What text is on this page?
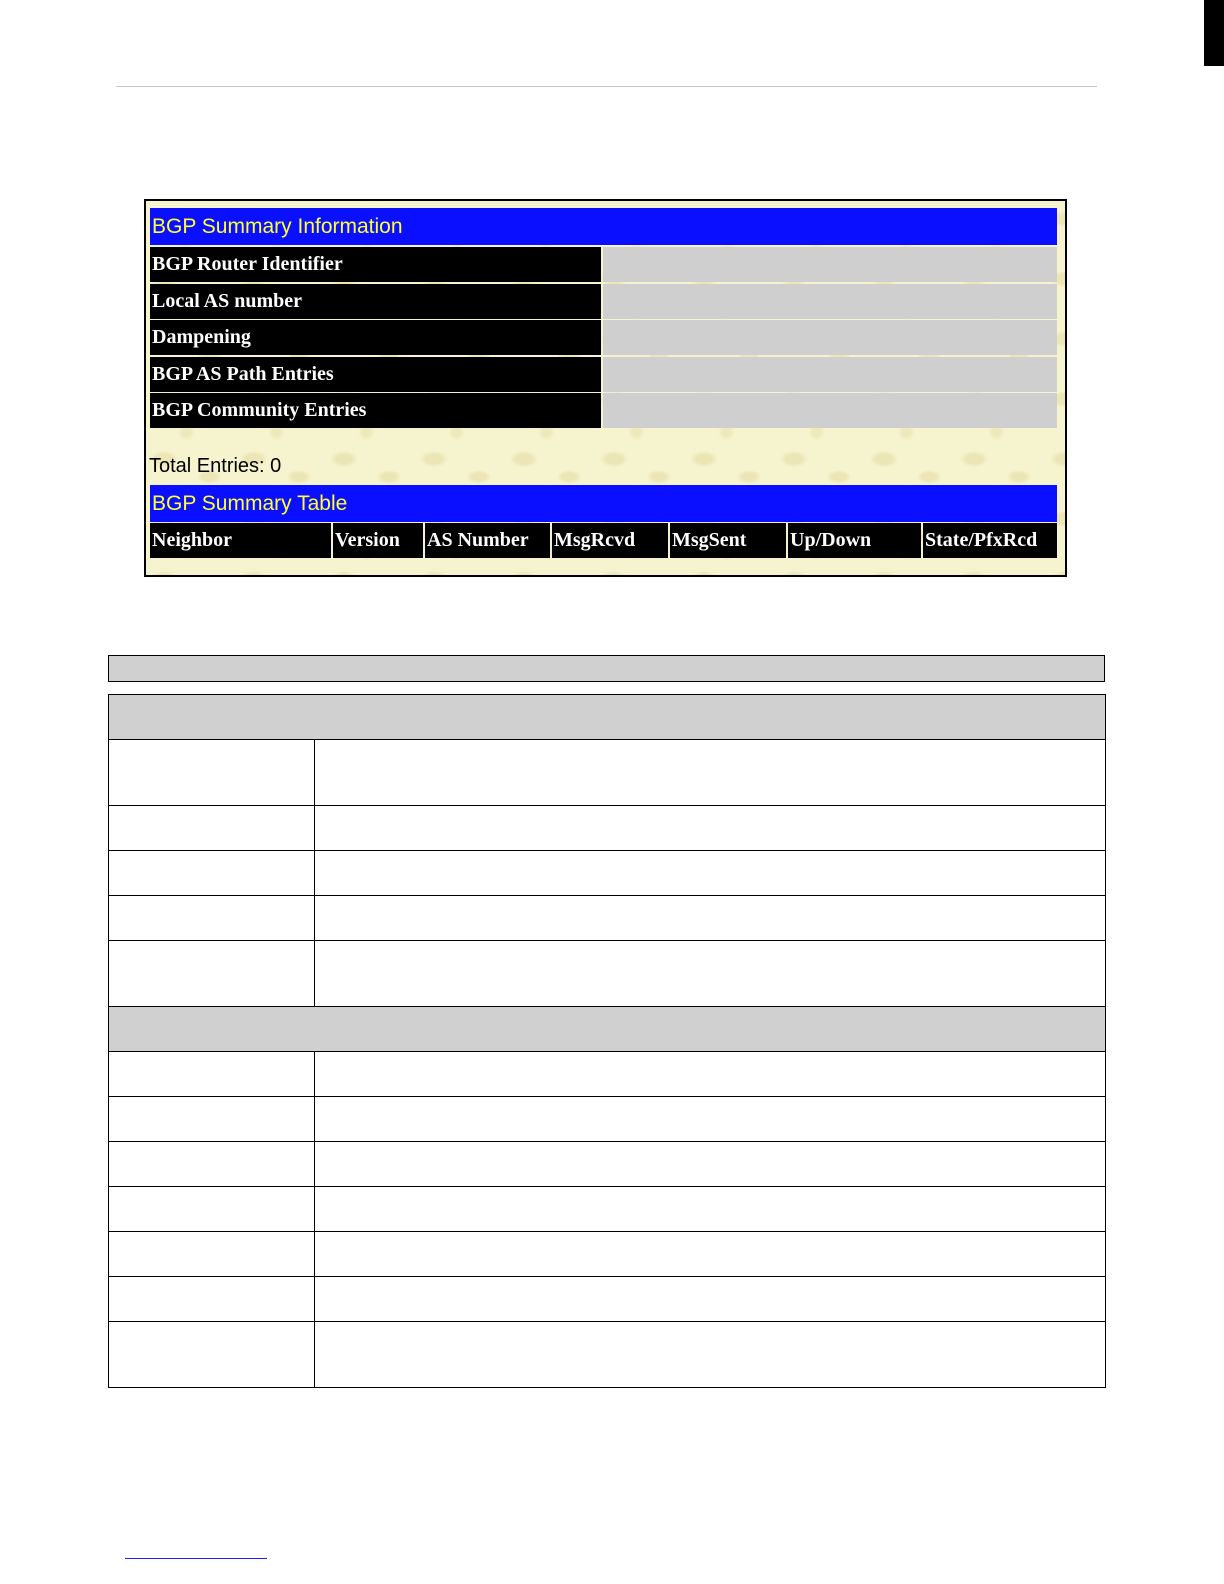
BGP Summary Information
BGP Router Identifier
Local AS number
Dampening
BGP AS Path Entries
BGP Community Entries
Total Entries: 0
BGP Summary Table
Neighbor	Version	AS Number	MsgRcvd	MsgSent	Up/Down	State/PfxRcd
